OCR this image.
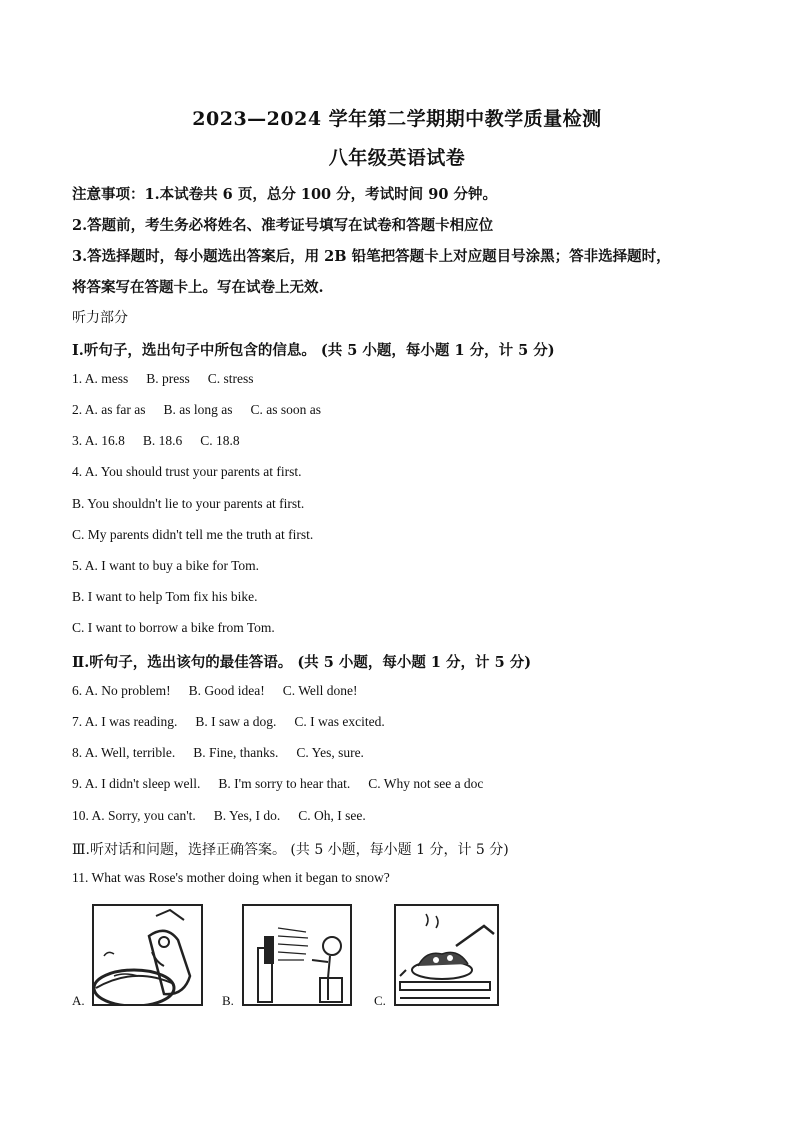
2023—2024 学年第二学期期中教学质量检测
八年级英语试卷
注意事项：1.本试卷共 6 页，总分 100 分，考试时间 90 分钟。
2.答题前，考生务必将姓名、准考证号填写在试卷和答题卡相应位
3.答选择题时，每小题选出答案后，用 2B 铅笔把答题卡上对应题目号涂黑；答非选择题时，
将答案写在答题卡上。写在试卷上无效.
听力部分
Ⅰ.听句子，选出句子中所包含的信息。 (共 5 小题，每小题 1 分，计 5 分)
1. A. mess B. press C. stress
2. A. as far as B. as long as C. as soon as
3. A. 16.8 B. 18.6 C. 18.8
4. A. You should trust your parents at first.
B. You shouldn't lie to your parents at first.
C. My parents didn't tell me the truth at first.
5. A. I want to buy a bike for Tom.
B. I want to help Tom fix his bike.
C. I want to borrow a bike from Tom.
Ⅱ.听句子，选出该句的最佳答语。 (共 5 小题，每小题 1 分，计 5 分)
6. A. No problem! B. Good idea! C. Well done!
7. A. I was reading. B. I saw a dog. C. I was excited.
8. A. Well, terrible. B. Fine, thanks. C. Yes, sure.
9. A. I didn't sleep well. B. I'm sorry to hear that. C. Why not see a doc
10. A. Sorry, you can't. B. Yes, I do. C. Oh, I see.
Ⅲ.听对话和问题，选择正确答案。 (共 5 小题，每小题 1 分，计 5 分)
11. What was Rose's mother doing when it began to snow?
A.	B.	C.
